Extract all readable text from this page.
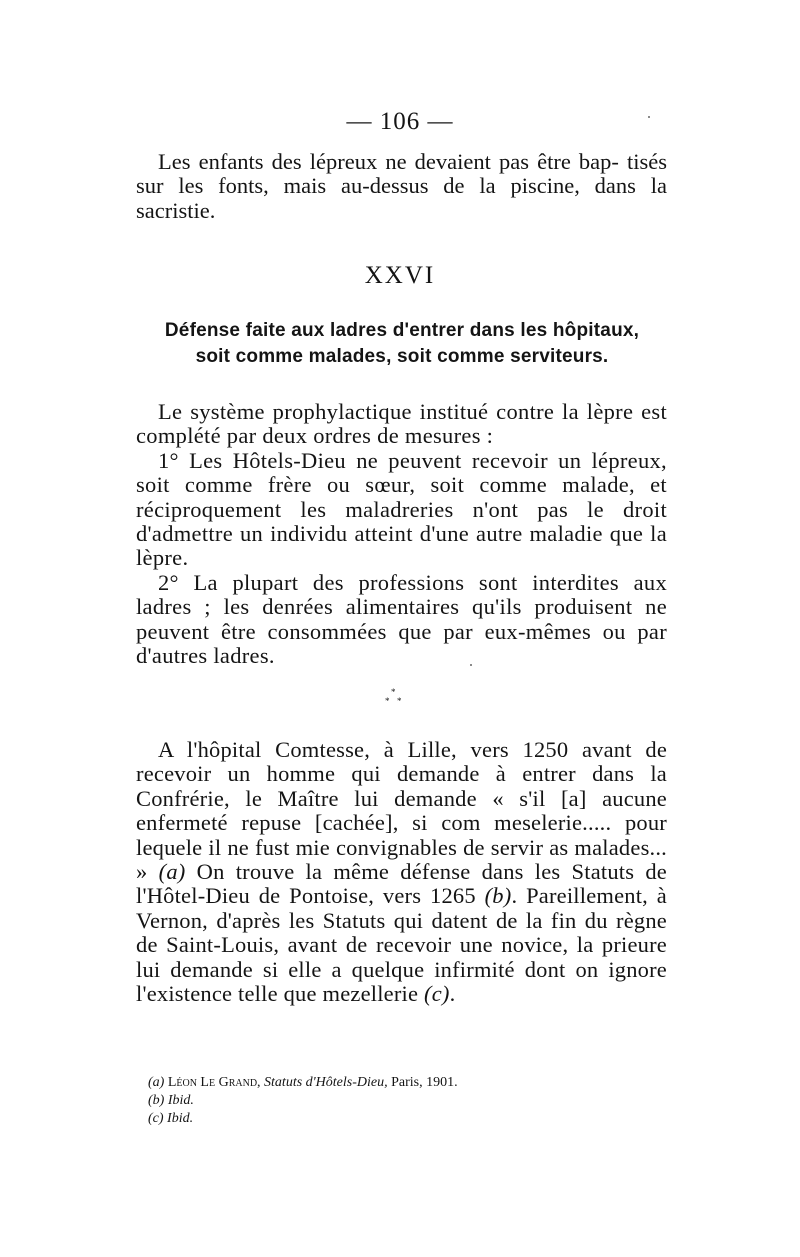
— 106 —

Les enfants des lépreux ne devaient pas être bap- tisés sur les fonts, mais au-dessus de la piscine, dans la sacristie.

XXVI
Défense faite aux ladres d'entrer dans les hôpitaux,
soit comme malades, soit comme serviteurs.

Le système prophylactique institué contre la lèpre est complété par deux ordres de mesures :

1° Les Hôtels-Dieu ne peuvent recevoir un lépreux, soit comme frère ou sœur, soit comme malade, et réciproquement les maladreries n'ont pas le droit d'admettre un individu atteint d'une autre maladie que la lèpre.

2° La plupart des professions sont interdites aux ladres ; les denrées alimentaires qu'ils produisent ne peuvent être consommées que par eux-mêmes ou par d'autres ladres.

*
* *

A l'hôpital Comtesse, à Lille, vers 1250 avant de recevoir un homme qui demande à entrer dans la Confrérie, le Maître lui demande « s'il [a] aucune enfermeté repuse [cachée], si com meselerie..... pour lequele il ne fust mie convignables de servir as malades... » (a) On trouve la même défense dans les Statuts de l'Hôtel-Dieu de Pontoise, vers 1265 (b). Pareillement, à Vernon, d'après les Statuts qui datent de la fin du règne de Saint-Louis, avant de recevoir une novice, la prieure lui demande si elle a quelque infirmité dont on ignore l'existence telle que mezellerie (c).

(a) Léon Le Grand, Statuts d'Hôtels-Dieu, Paris, 1901.

(b) Ibid.

(c) Ibid.
